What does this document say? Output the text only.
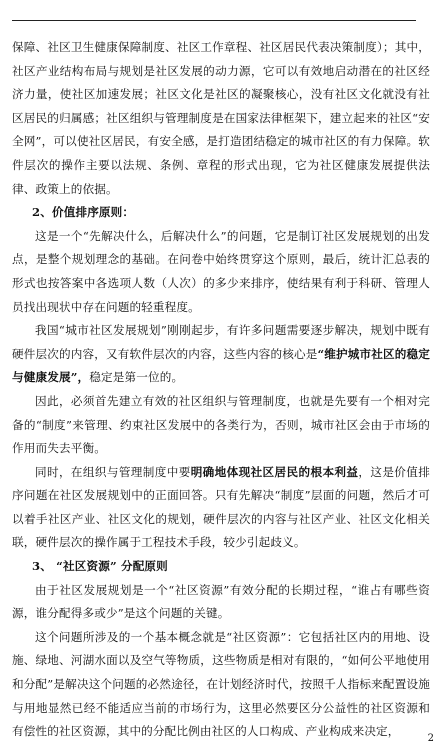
保障、社区卫生健康保障制度、社区工作章程、社区居民代表决策制度）；其中，社区产业结构布局与规划是社区发展的动力源，它可以有效地启动潜在的社区经济力量，使社区加速发展；社区文化是社区的凝聚核心，没有社区文化就没有社区居民的归属感；社区组织与管理制度是在国家法律框架下，建立起来的社区“安全网”，可以使社区居民，有安全感，是打造团结稳定的城市社区的有力保障。软件层次的操作主要以法规、条例、章程的形式出现，它为社区健康发展提供法律、政策上的依据。

2、价值排序原则：

这是一个“先解决什么，后解决什么”的问题，它是制订社区发展规划的出发点，是整个规划理念的基础。在问卷中始终贯穿这个原则，最后，统计汇总表的形式也按答案中各选项人数（人次）的多少来排序，使结果有利于科研、管理人员找出现状中存在问题的轻重程度。

我国“城市社区发展规划”刚刚起步，有许多问题需要逐步解决，规划中既有硬件层次的内容，又有软件层次的内容，这些内容的核心是“维护城市社区的稳定与健康发展”，稳定是第一位的。

因此，必须首先建立有效的社区组织与管理制度，也就是先要有一个相对完备的“制度”来管理、约束社区发展中的各类行为，否则，城市社区会由于市场的作用而失去平衡。

同时，在组织与管理制度中要明确地体现社区居民的根本利益，这是价值排序问题在社区发展规划中的正面回答。只有先解决“制度”层面的问题，然后才可以着手社区产业、社区文化的规划，硬件层次的内容与社区产业、社区文化相关联，硬件层次的操作属于工程技术手段，较少引起歧义。

3、 “社区资源” 分配原则

由于社区发展规划是一个“社区资源”有效分配的长期过程，“谁占有哪些资源，谁分配得多或少”是这个问题的关键。

这个问题所涉及的一个基本概念就是“社区资源”：它包括社区内的用地、设施、绿地、河湖水面以及空气等物质，这些物质是相对有限的，“如何公平地使用和分配”是解决这个问题的必然途径，在计划经济时代，按照千人指标来配置设施与用地显然已经不能适应当前的市场行为，这里必然要区分公益性的社区资源和有偿性的社区资源，其中的分配比例由社区的人口构成、产业构成来决定，

2
